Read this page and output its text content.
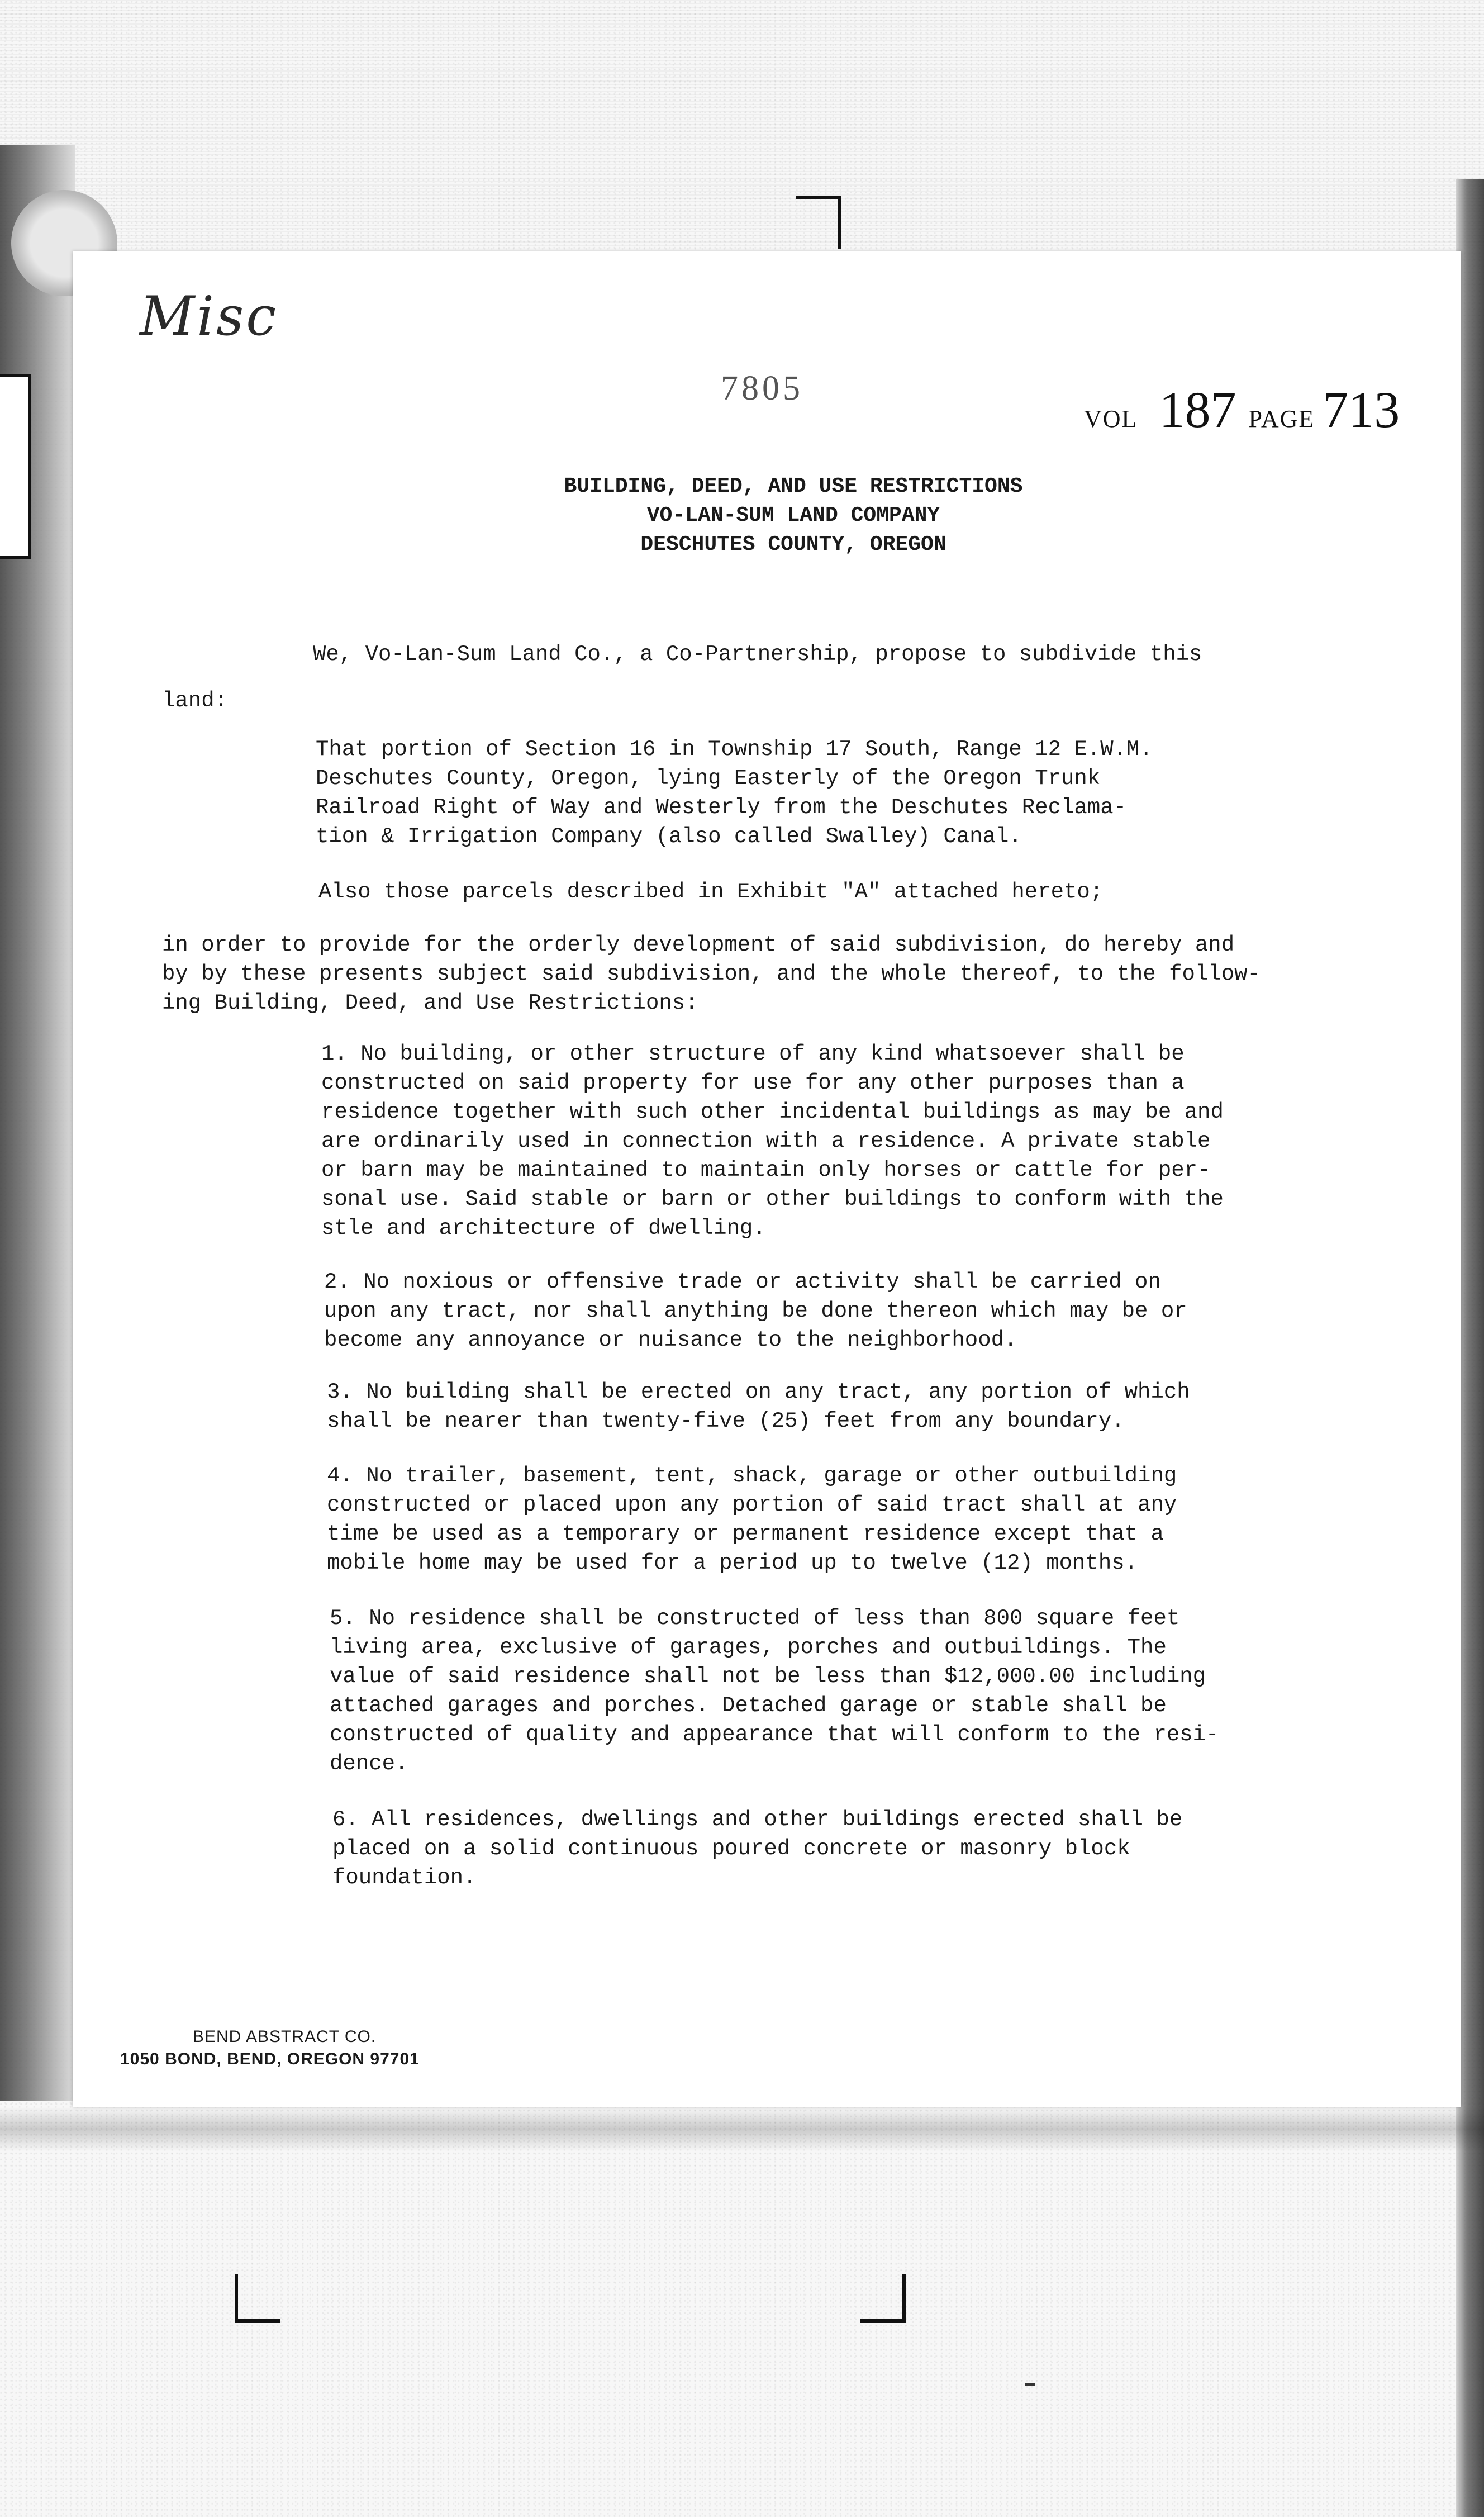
Misc
7805
VOL 187 PAGE 713
BUILDING, DEED, AND USE RESTRICTIONS
VO-LAN-SUM LAND COMPANY
DESCHUTES COUNTY, OREGON
We, Vo-Lan-Sum Land Co., a Co-Partnership, propose to subdivide this
land:
That portion of Section 16 in Township 17 South, Range 12 E.W.M.
Deschutes County, Oregon, lying Easterly of the Oregon Trunk
Railroad Right of Way and Westerly from the Deschutes Reclama-
tion & Irrigation Company (also called Swalley) Canal.
Also those parcels described in Exhibit "A" attached hereto;
in order to provide for the orderly development of said subdivision, do hereby and
by by these presents subject said subdivision, and the whole thereof, to the follow-
ing Building, Deed, and Use Restrictions:
1. No building, or other structure of any kind whatsoever shall be
constructed on said property for use for any other purposes than a
residence together with such other incidental buildings as may be and
are ordinarily used in connection with a residence. A private stable
or barn may be maintained to maintain only horses or cattle for per-
sonal use. Said stable or barn or other buildings to conform with the
stle and architecture of dwelling.
2. No noxious or offensive trade or activity shall be carried on
upon any tract, nor shall anything be done thereon which may be or
become any annoyance or nuisance to the neighborhood.
3. No building shall be erected on any tract, any portion of which
shall be nearer than twenty-five (25) feet from any boundary.
4. No trailer, basement, tent, shack, garage or other outbuilding
constructed or placed upon any portion of said tract shall at any
time be used as a temporary or permanent residence except that a
mobile home may be used for a period up to twelve (12) months.
5. No residence shall be constructed of less than 800 square feet
living area, exclusive of garages, porches and outbuildings. The
value of said residence shall not be less than $12,000.00 including
attached garages and porches. Detached garage or stable shall be
constructed of quality and appearance that will conform to the resi-
dence.
6. All residences, dwellings and other buildings erected shall be
placed on a solid continuous poured concrete or masonry block
foundation.
BEND ABSTRACT CO.
1050 BOND, BEND, OREGON 97701
